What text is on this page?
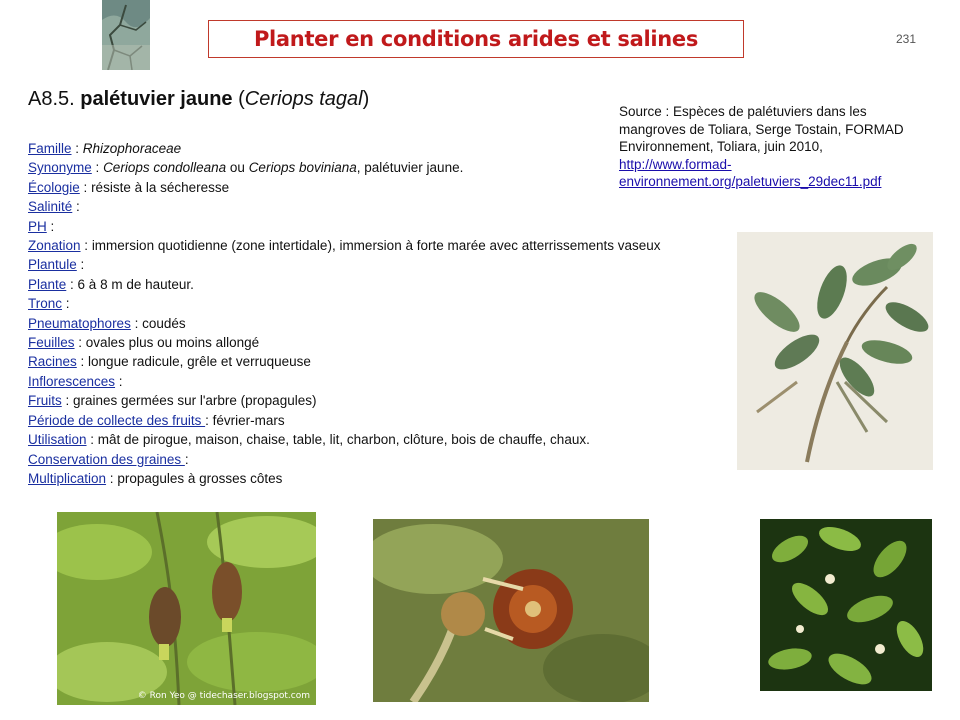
Planter en conditions arides et salines	231
A8.5. palétuvier jaune (Ceriops tagal)
Source : Espèces de palétuviers dans les mangroves de Toliara, Serge Tostain, FORMAD Environnement, Toliara, juin 2010, http://www.formad-environnement.org/paletuviers_29dec11.pdf
Famille : Rhizophoraceae
Synonyme : Ceriops condolleana ou Ceriops boviniana, palétuvier jaune.
Écologie : résiste à la sécheresse
Salinité :
PH :
Zonation : immersion quotidienne (zone intertidale), immersion à forte marée avec atterrissements vaseux
Plantule :
Plante : 6 à 8 m de hauteur.
Tronc :
Pneumatophores : coudés
Feuilles : ovales plus ou moins allongé
Racines : longue radicule, grêle et verruqueuse
Inflorescences :
Fruits : graines germées sur l'arbre (propagules)
Période de collecte des fruits : février-mars
Utilisation : mât de pirogue, maison, chaise, table, lit, charbon, clôture, bois de chauffe, chaux.
Conservation des graines :
Multiplication : propagules à grosses côtes
© Ron Yeo @ tidechaser.blogspot.com
